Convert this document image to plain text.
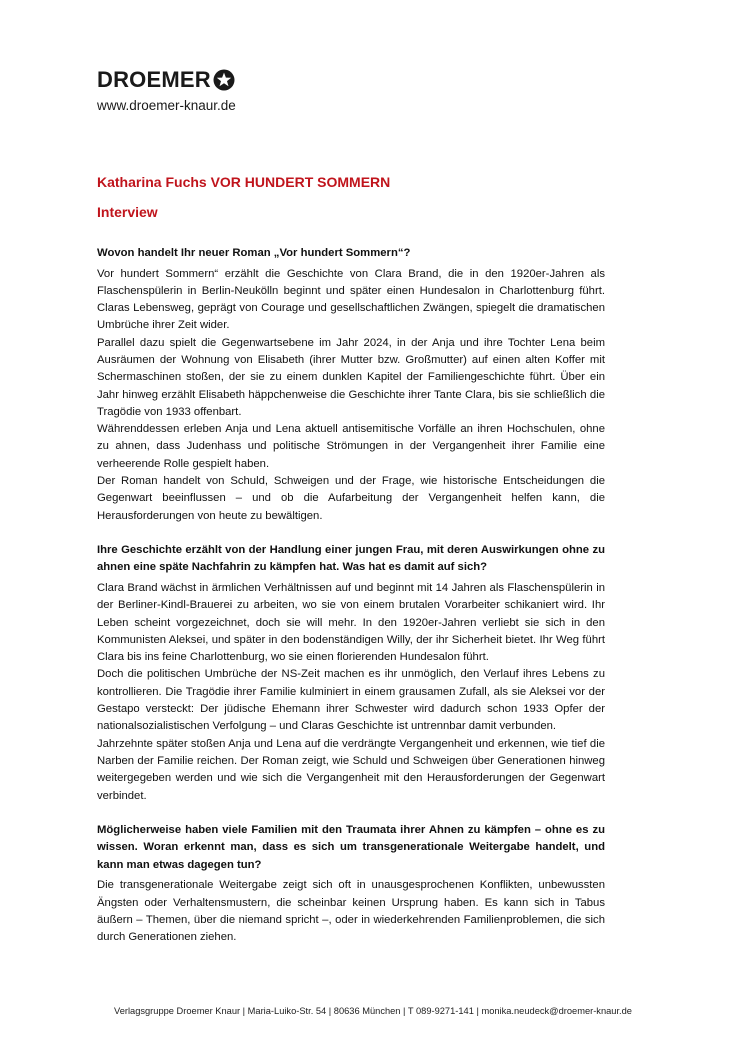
DROEMER
www.droemer-knaur.de
Katharina Fuchs VOR HUNDERT SOMMERN
Interview

Wovon handelt Ihr neuer Roman „Vor hundert Sommern“?

Vor hundert Sommern“ erzählt die Geschichte von Clara Brand, die in den 1920er-Jahren als Flaschenspülerin in Berlin-Neukölln beginnt und später einen Hundesalon in Charlottenburg führt. Claras Lebensweg, geprägt von Courage und gesellschaftlichen Zwängen, spiegelt die dramatischen Umbrüche ihrer Zeit wider.

Parallel dazu spielt die Gegenwartsebene im Jahr 2024, in der Anja und ihre Tochter Lena beim Ausräumen der Wohnung von Elisabeth (ihrer Mutter bzw. Großmutter) auf einen alten Koffer mit Schermaschinen stoßen, der sie zu einem dunklen Kapitel der Familiengeschichte führt. Über ein Jahr hinweg erzählt Elisabeth häppchenweise die Geschichte ihrer Tante Clara, bis sie schließlich die Tragödie von 1933 offenbart.

Währenddessen erleben Anja und Lena aktuell antisemitische Vorfälle an ihren Hochschulen, ohne zu ahnen, dass Judenhass und politische Strömungen in der Vergangenheit ihrer Familie eine verheerende Rolle gespielt haben.

Der Roman handelt von Schuld, Schweigen und der Frage, wie historische Entscheidungen die Gegenwart beeinflussen – und ob die Aufarbeitung der Vergangenheit helfen kann, die Herausforderungen von heute zu bewältigen.

Ihre Geschichte erzählt von der Handlung einer jungen Frau, mit deren Auswirkungen ohne zu ahnen eine späte Nachfahrin zu kämpfen hat. Was hat es damit auf sich?

Clara Brand wächst in ärmlichen Verhältnissen auf und beginnt mit 14 Jahren als Flaschenspülerin in der Berliner-Kindl-Brauerei zu arbeiten, wo sie von einem brutalen Vorarbeiter schikaniert wird. Ihr Leben scheint vorgezeichnet, doch sie will mehr. In den 1920er-Jahren verliebt sie sich in den Kommunisten Aleksei, und später in den bodenständigen Willy, der ihr Sicherheit bietet. Ihr Weg führt Clara bis ins feine Charlottenburg, wo sie einen florierenden Hundesalon führt.

Doch die politischen Umbrüche der NS-Zeit machen es ihr unmöglich, den Verlauf ihres Lebens zu kontrollieren. Die Tragödie ihrer Familie kulminiert in einem grausamen Zufall, als sie Aleksei vor der Gestapo versteckt: Der jüdische Ehemann ihrer Schwester wird dadurch schon 1933 Opfer der nationalsozialistischen Verfolgung – und Claras Geschichte ist untrennbar damit verbunden.

Jahrzehnte später stoßen Anja und Lena auf die verdrängte Vergangenheit und erkennen, wie tief die Narben der Familie reichen. Der Roman zeigt, wie Schuld und Schweigen über Generationen hinweg weitergegeben werden und wie sich die Vergangenheit mit den Herausforderungen der Gegenwart verbindet.

Möglicherweise haben viele Familien mit den Traumata ihrer Ahnen zu kämpfen – ohne es zu wissen. Woran erkennt man, dass es sich um transgenerationale Weitergabe handelt, und kann man etwas dagegen tun?

Die transgenerationale Weitergabe zeigt sich oft in unausgesprochenen Konflikten, unbewussten Ängsten oder Verhaltensmustern, die scheinbar keinen Ursprung haben. Es kann sich in Tabus äußern – Themen, über die niemand spricht –, oder in wiederkehrenden Familienproblemen, die sich durch Generationen ziehen.

Verlagsgruppe Droemer Knaur | Maria-Luiko-Str. 54 | 80636 München | T 089-9271-141 | monika.neudeck@droemer-knaur.de
